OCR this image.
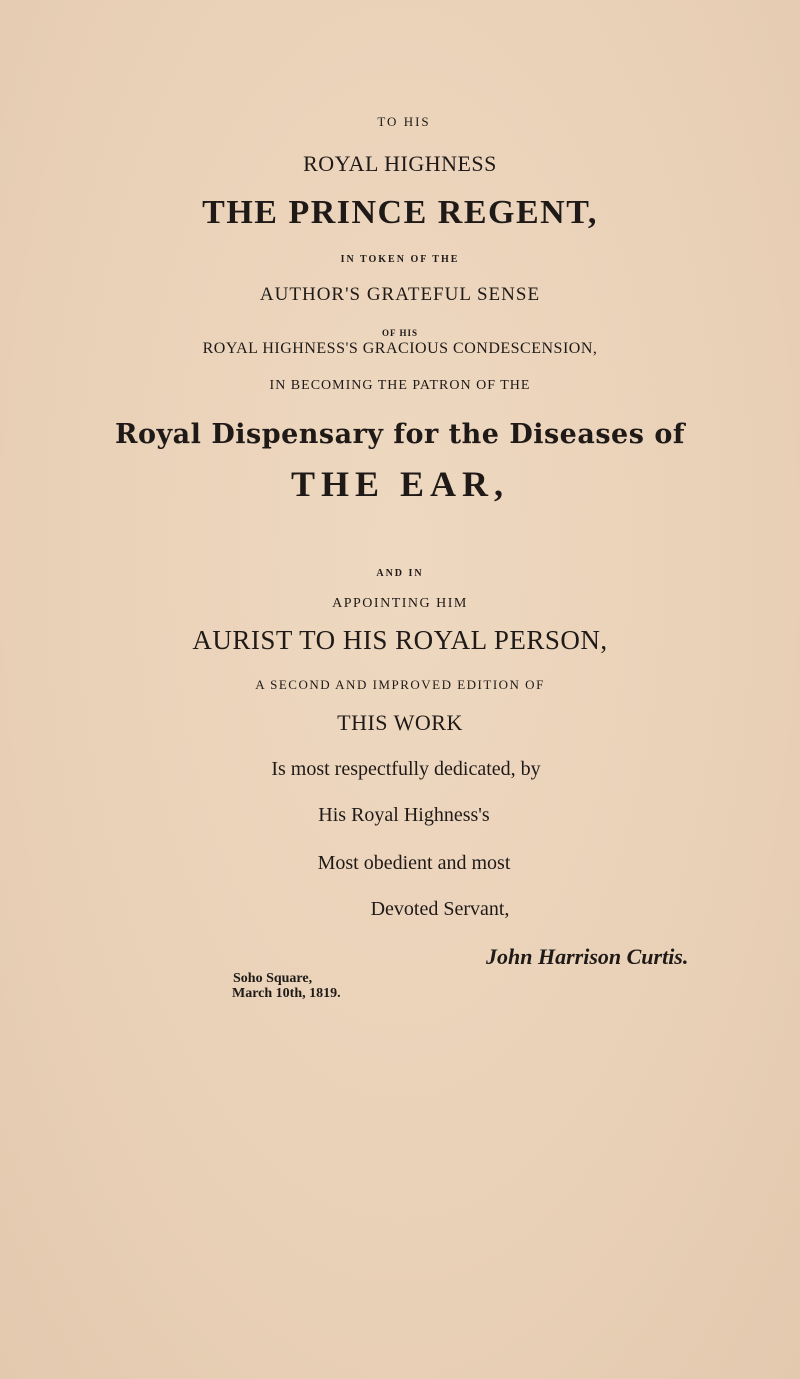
TO HIS
ROYAL HIGHNESS
THE PRINCE REGENT,
IN TOKEN OF THE
AUTHOR'S GRATEFUL SENSE
OF HIS
ROYAL HIGHNESS'S GRACIOUS CONDESCENSION,
IN BECOMING THE PATRON OF THE
Royal Dispensary for the Diseases of
THE EAR,
AND IN
APPOINTING HIM
AURIST TO HIS ROYAL PERSON,
A SECOND AND IMPROVED EDITION OF
THIS WORK
Is most respectfully dedicated, by
His Royal Highness's
Most obedient and most
Devoted Servant,
John Harrison Curtis.
Soho Square,
March 10th, 1819.
